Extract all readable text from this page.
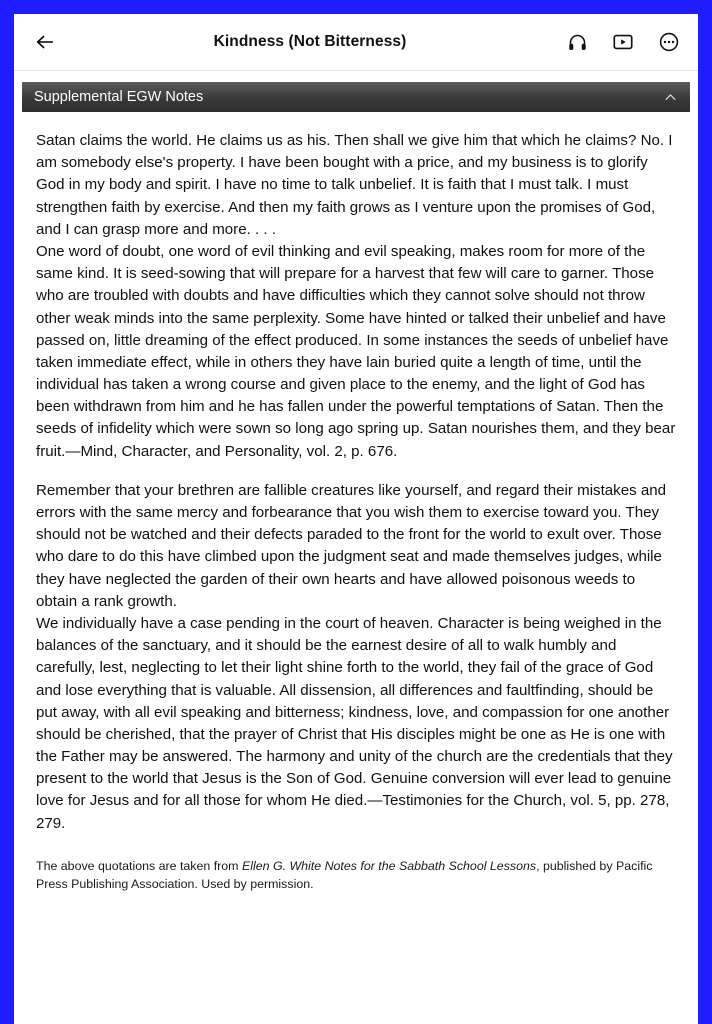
Kindness (Not Bitterness)
Supplemental EGW Notes

Satan claims the world. He claims us as his. Then shall we give him that which he claims? No. I am somebody else's property. I have been bought with a price, and my business is to glorify God in my body and spirit. I have no time to talk unbelief. It is faith that I must talk. I must strengthen faith by exercise. And then my faith grows as I venture upon the promises of God, and I can grasp more and more. . . .

One word of doubt, one word of evil thinking and evil speaking, makes room for more of the same kind. It is seed-sowing that will prepare for a harvest that few will care to garner. Those who are troubled with doubts and have difficulties which they cannot solve should not throw other weak minds into the same perplexity. Some have hinted or talked their unbelief and have passed on, little dreaming of the effect produced. In some instances the seeds of unbelief have taken immediate effect, while in others they have lain buried quite a length of time, until the individual has taken a wrong course and given place to the enemy, and the light of God has been withdrawn from him and he has fallen under the powerful temptations of Satan. Then the seeds of infidelity which were sown so long ago spring up. Satan nourishes them, and they bear fruit.—Mind, Character, and Personality, vol. 2, p. 676.

Remember that your brethren are fallible creatures like yourself, and regard their mistakes and errors with the same mercy and forbearance that you wish them to exercise toward you. They should not be watched and their defects paraded to the front for the world to exult over. Those who dare to do this have climbed upon the judgment seat and made themselves judges, while they have neglected the garden of their own hearts and have allowed poisonous weeds to obtain a rank growth.

We individually have a case pending in the court of heaven. Character is being weighed in the balances of the sanctuary, and it should be the earnest desire of all to walk humbly and carefully, lest, neglecting to let their light shine forth to the world, they fail of the grace of God and lose everything that is valuable. All dissension, all differences and faultfinding, should be put away, with all evil speaking and bitterness; kindness, love, and compassion for one another should be cherished, that the prayer of Christ that His disciples might be one as He is one with the Father may be answered. The harmony and unity of the church are the credentials that they present to the world that Jesus is the Son of God. Genuine conversion will ever lead to genuine love for Jesus and for all those for whom He died.—Testimonies for the Church, vol. 5, pp. 278, 279.

The above quotations are taken from Ellen G. White Notes for the Sabbath School Lessons, published by Pacific Press Publishing Association. Used by permission.
